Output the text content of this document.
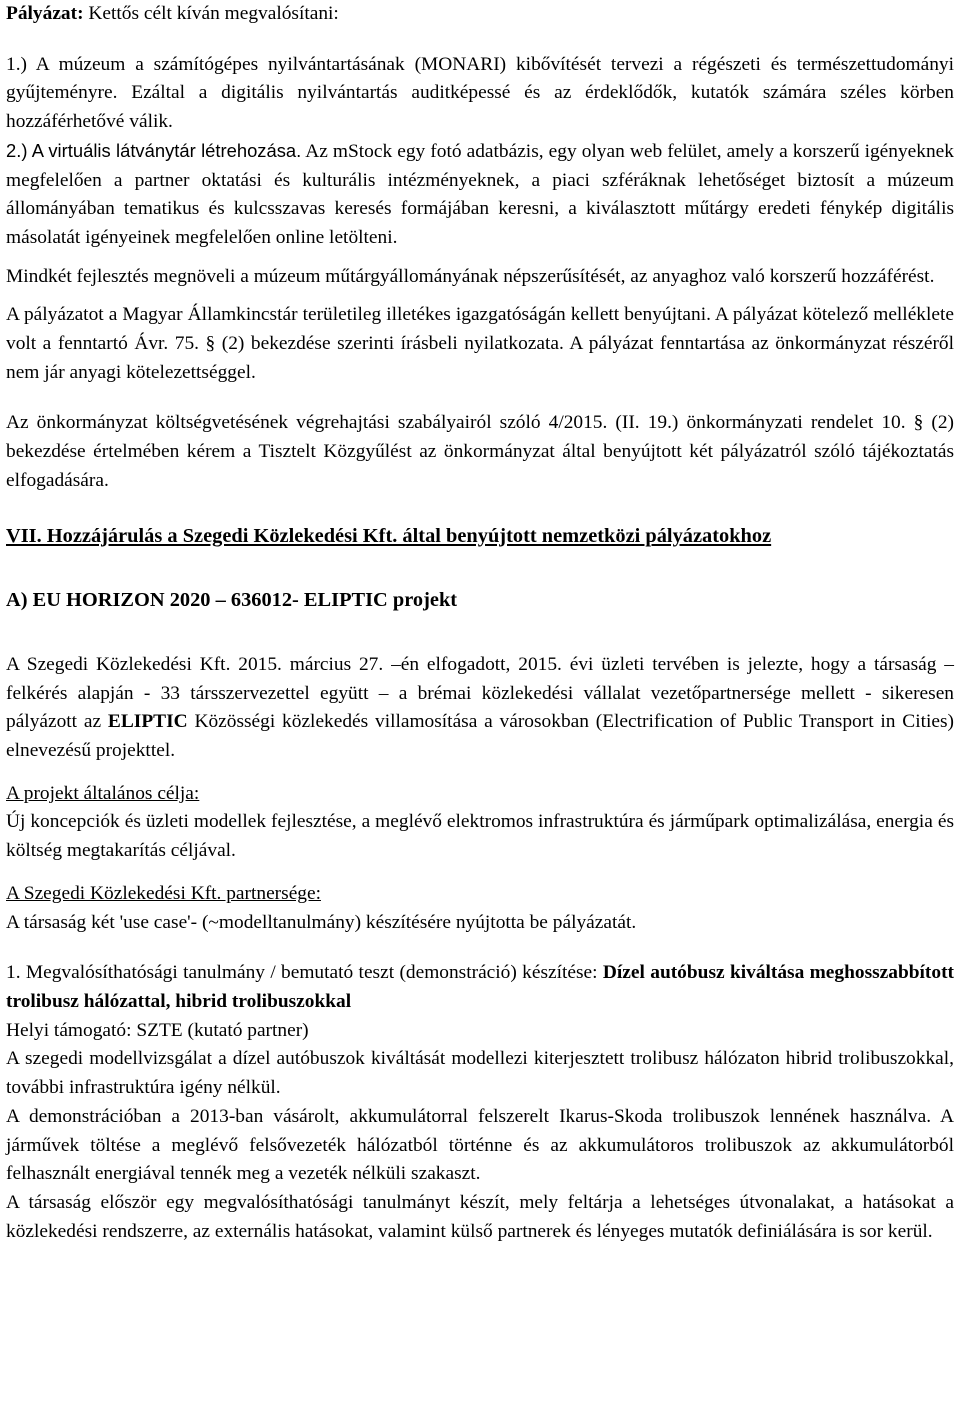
Pályázat: Kettős célt kíván megvalósítani:

1.) A múzeum a számítógépes nyilvántartásának (MONARI) kibővítését tervezi a régészeti és természettudományi gyűjteményre. Ezáltal a digitális nyilvántartás auditképessé és az érdeklődők, kutatók számára széles körben hozzáférhetővé válik.

2.) A virtuális látványtár létrehozása. Az mStock egy fotó adatbázis, egy olyan web felület, amely a korszerű igényeknek megfelelően a partner oktatási és kulturális intézményeknek, a piaci szféráknak lehetőséget biztosít a múzeum állományában tematikus és kulcsszavas keresés formájában keresni, a kiválasztott műtárgy eredeti fénykép digitális másolatát igényeinek megfelelően online letölteni.

Mindkét fejlesztés megnöveli a múzeum műtárgyállományának népszerűsítését, az anyaghoz való korszerű hozzáférést.

A pályázatot a Magyar Államkincstár területileg illetékes igazgatóságán kellett benyújtani. A pályázat kötelező melléklete volt a fenntartó Ávr. 75. § (2) bekezdése szerinti írásbeli nyilatkozata. A pályázat fenntartása az önkormányzat részéről nem jár anyagi kötelezettséggel.

Az önkormányzat költségvetésének végrehajtási szabályairól szóló 4/2015. (II. 19.) önkormányzati rendelet 10. § (2) bekezdése értelmében kérem a Tisztelt Közgyűlést az önkormányzat által benyújtott két pályázatról szóló tájékoztatás elfogadására.

VII. Hozzájárulás a Szegedi Közlekedési Kft. által benyújtott nemzetközi pályázatokhoz

A) EU HORIZON 2020 – 636012- ELIPTIC projekt

A Szegedi Közlekedési Kft. 2015. március 27. –én elfogadott, 2015. évi üzleti tervében is jelezte, hogy a társaság – felkérés alapján - 33 társszervezettel együtt – a brémai közlekedési vállalat vezetőpartnersége mellett - sikeresen pályázott az ELIPTIC Közösségi közlekedés villamosítása a városokban (Electrification of Public Transport in Cities) elnevezésű projekttel.

A projekt általános célja:

Új koncepciók és üzleti modellek fejlesztése, a meglévő elektromos infrastruktúra és járműpark optimalizálása, energia és költség megtakarítás céljával.

A Szegedi Közlekedési Kft. partnersége:

A társaság két 'use case'- (~modelltanulmány) készítésére nyújtotta be pályázatát.

1. Megvalósíthatósági tanulmány / bemutató teszt (demonstráció) készítése: Dízel autóbusz kiváltása meghosszabbított trolibusz hálózattal, hibrid trolibuszokkal

Helyi támogató: SZTE (kutató partner)

A szegedi modellvizsgálat a dízel autóbuszok kiváltását modellezi kiterjesztett trolibusz hálózaton hibrid trolibuszokkal, további infrastruktúra igény nélkül.

A demonstrációban a 2013-ban vásárolt, akkumulátorral felszerelt Ikarus-Skoda trolibuszok lennének használva. A járművek töltése a meglévő felsővezeték hálózatból történne és az akkumulátoros trolibuszok az akkumulátorból felhasznált energiával tennék meg a vezeték nélküli szakaszt.

A társaság először egy megvalósíthatósági tanulmányt készít, mely feltárja a lehetséges útvonalakat, a hatásokat a közlekedési rendszerre, az externális hatásokat, valamint külső partnerek és lényeges mutatók definiálására is sor kerül.
